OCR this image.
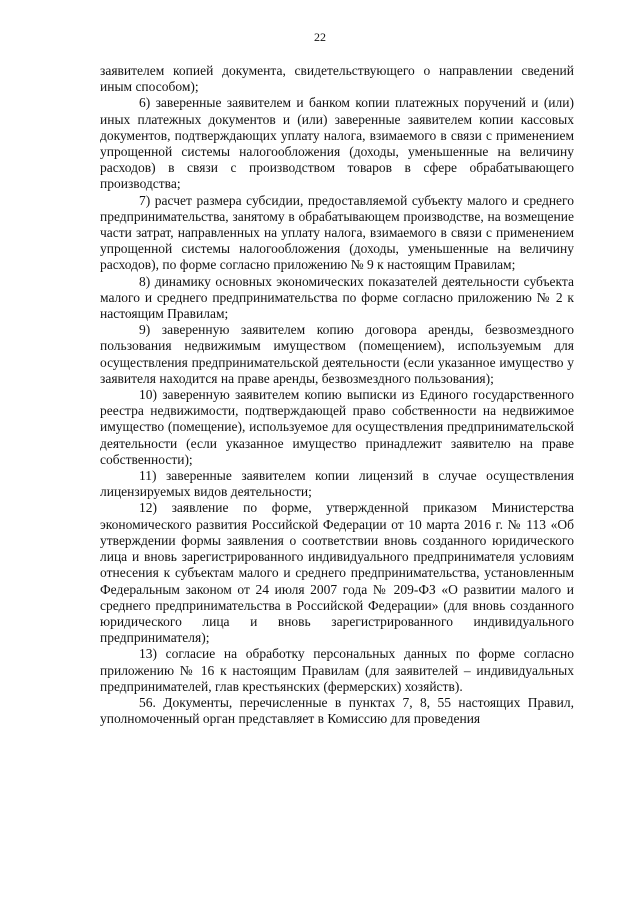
22

заявителем копией документа, свидетельствующего о направлении сведений иным способом);

6) заверенные заявителем и банком копии платежных поручений и (или) иных платежных документов и (или) заверенные заявителем копии кассовых документов, подтверждающих уплату налога, взимаемого в связи с применением упрощенной системы налогообложения (доходы, уменьшенные на величину расходов) в связи с производством товаров в сфере обрабатывающего производства;

7) расчет размера субсидии, предоставляемой субъекту малого и среднего предпринимательства, занятому в обрабатывающем производстве, на возмещение части затрат, направленных на уплату налога, взимаемого в связи с применением упрощенной системы налогообложения (доходы, уменьшенные на величину расходов), по форме согласно приложению № 9 к настоящим Правилам;

8) динамику основных экономических показателей деятельности субъекта малого и среднего предпринимательства по форме согласно приложению № 2 к настоящим Правилам;

9) заверенную заявителем копию договора аренды, безвозмездного пользования недвижимым имуществом (помещением), используемым для осуществления предпринимательской деятельности (если указанное имущество у заявителя находится на праве аренды, безвозмездного пользования);

10) заверенную заявителем копию выписки из Единого государственного реестра недвижимости, подтверждающей право собственности на недвижимое имущество (помещение), используемое для осуществления предпринимательской деятельности (если указанное имущество принадлежит заявителю на праве собственности);

11) заверенные заявителем копии лицензий в случае осуществления лицензируемых видов деятельности;

12) заявление по форме, утвержденной приказом Министерства экономического развития Российской Федерации от 10 марта 2016 г. № 113 «Об утверждении формы заявления о соответствии вновь созданного юридического лица и вновь зарегистрированного индивидуального предпринимателя условиям отнесения к субъектам малого и среднего предпринимательства, установленным Федеральным законом от 24 июля 2007 года № 209-ФЗ «О развитии малого и среднего предпринимательства в Российской Федерации» (для вновь созданного юридического лица и вновь зарегистрированного индивидуального предпринимателя);

13) согласие на обработку персональных данных по форме согласно приложению № 16 к настоящим Правилам (для заявителей – индивидуальных предпринимателей, глав крестьянских (фермерских) хозяйств).

56. Документы, перечисленные в пунктах 7, 8, 55 настоящих Правил, уполномоченный орган представляет в Комиссию для проведения
